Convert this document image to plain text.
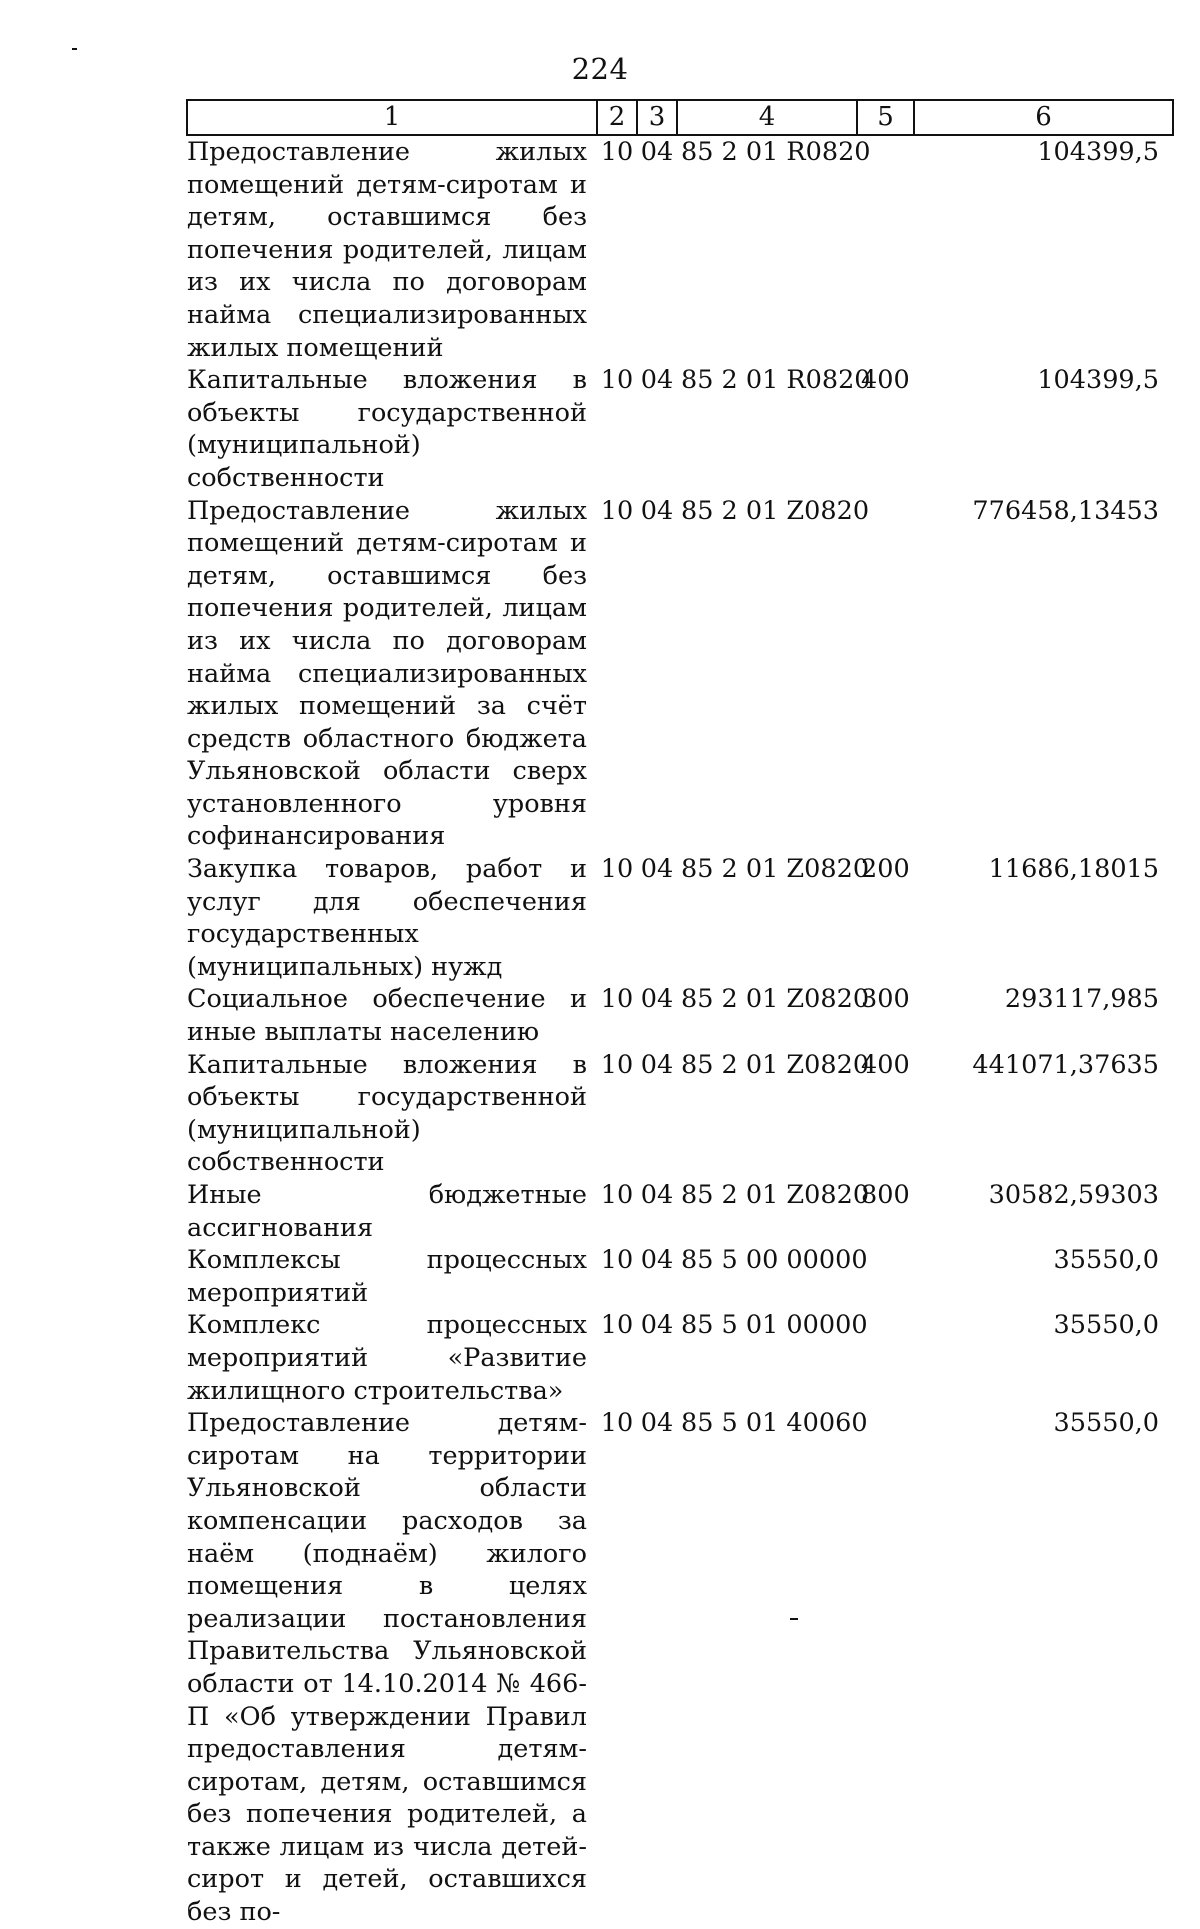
224
1	2	3	4	5	6
Предоставление жилых помещений детям-сиротам и детям, оставшимся без попечения родителей, лицам из их числа по договорам найма специализированных жилых помещений	10	04	85 2 01 R0820		104399,5
Капитальные вложения в объекты государственной (муниципальной) собственности	10	04	85 2 01 R0820	400	104399,5
Предоставление жилых помещений детям-сиротам и детям, оставшимся без попечения родителей, лицам из их числа по договорам найма специализированных жилых помещений за счёт средств областного бюджета Ульяновской области сверх установленного уровня софинансирования	10	04	85 2 01 Z0820		776458,13453
Закупка товаров, работ и услуг для обеспечения государственных (муниципальных) нужд	10	04	85 2 01 Z0820	200	11686,18015
Социальное обеспечение и иные выплаты населению	10	04	85 2 01 Z0820	300	293117,985
Капитальные вложения в объекты государственной (муниципальной) собственности	10	04	85 2 01 Z0820	400	441071,37635
Иные бюджетные ассигнования	10	04	85 2 01 Z0820	800	30582,59303
Комплексы процессных мероприятий	10	04	85 5 00 00000		35550,0
Комплекс процессных мероприятий «Развитие жилищного строительства»	10	04	85 5 01 00000		35550,0
Предоставление детям-сиротам на территории Ульяновской области компенсации расходов за наём (поднаём) жилого помещения в целях реализации постановления Правительства Ульяновской области от 14.10.2014 № 466-П «Об утверждении Правил предоставления детям-сиротам, детям, оставшимся без попечения родителей, а также лицам из числа детей-сирот и детей, оставшихся без по-	10	04	85 5 01 40060		35550,0
